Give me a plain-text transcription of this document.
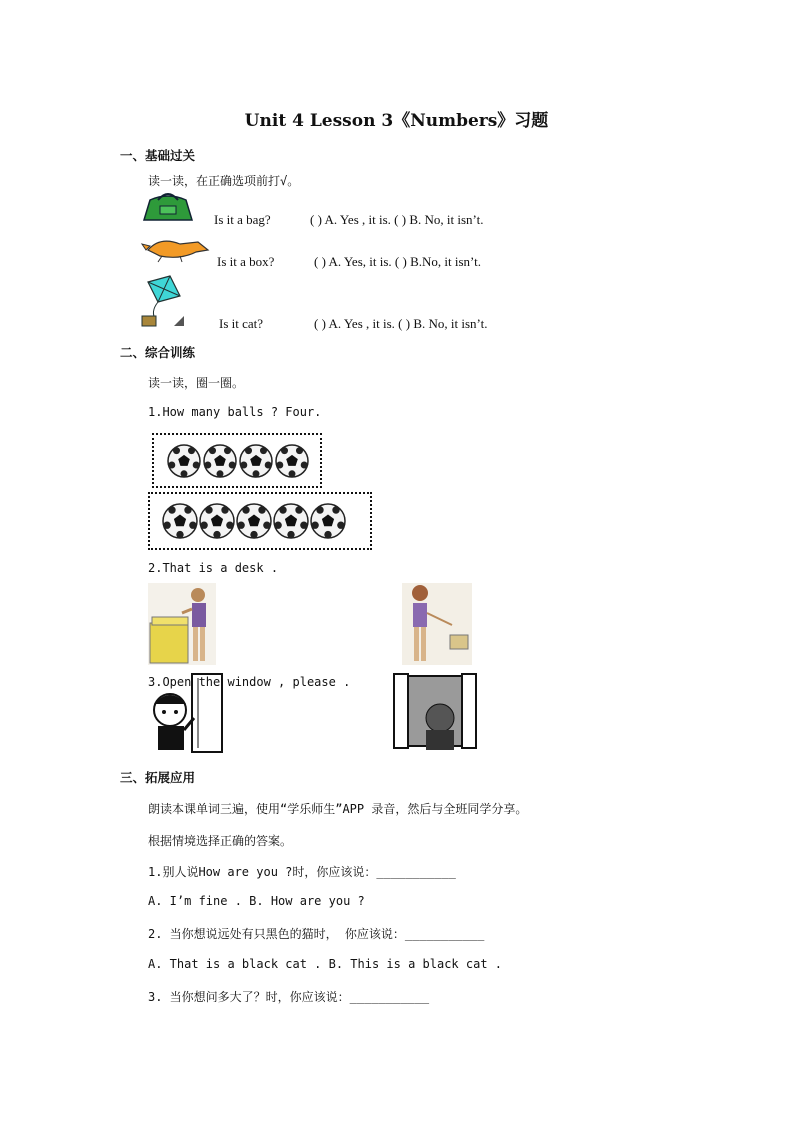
Unit 4 Lesson 3《Numbers》习题
一、基础过关
读一读，在正确选项前打√。
Is it a bag?	( ) A. Yes , it is. ( ) B. No, it isn’t.
Is it a box?	( ) A. Yes, it is. ( ) B.No, it isn’t.
Is it cat?	( ) A. Yes , it is. ( ) B. No, it isn’t.
二、综合训练
读一读，圈一圈。
1.How many balls ? Four.
2.That is a desk .
3.Open the window , please .
三、拓展应用
朗读本课单词三遍，使用“学乐师生”APP 录音，然后与全班同学分享。
根据情境选择正确的答案。
1.别人说How are you ?时，你应该说：___________
A. I’m fine . B. How are you ?
2. 当你想说远处有只黑色的猫时， 你应该说：___________
A. That is a black cat . B. This is a black cat .
3. 当你想问多大了？时，你应该说：___________
